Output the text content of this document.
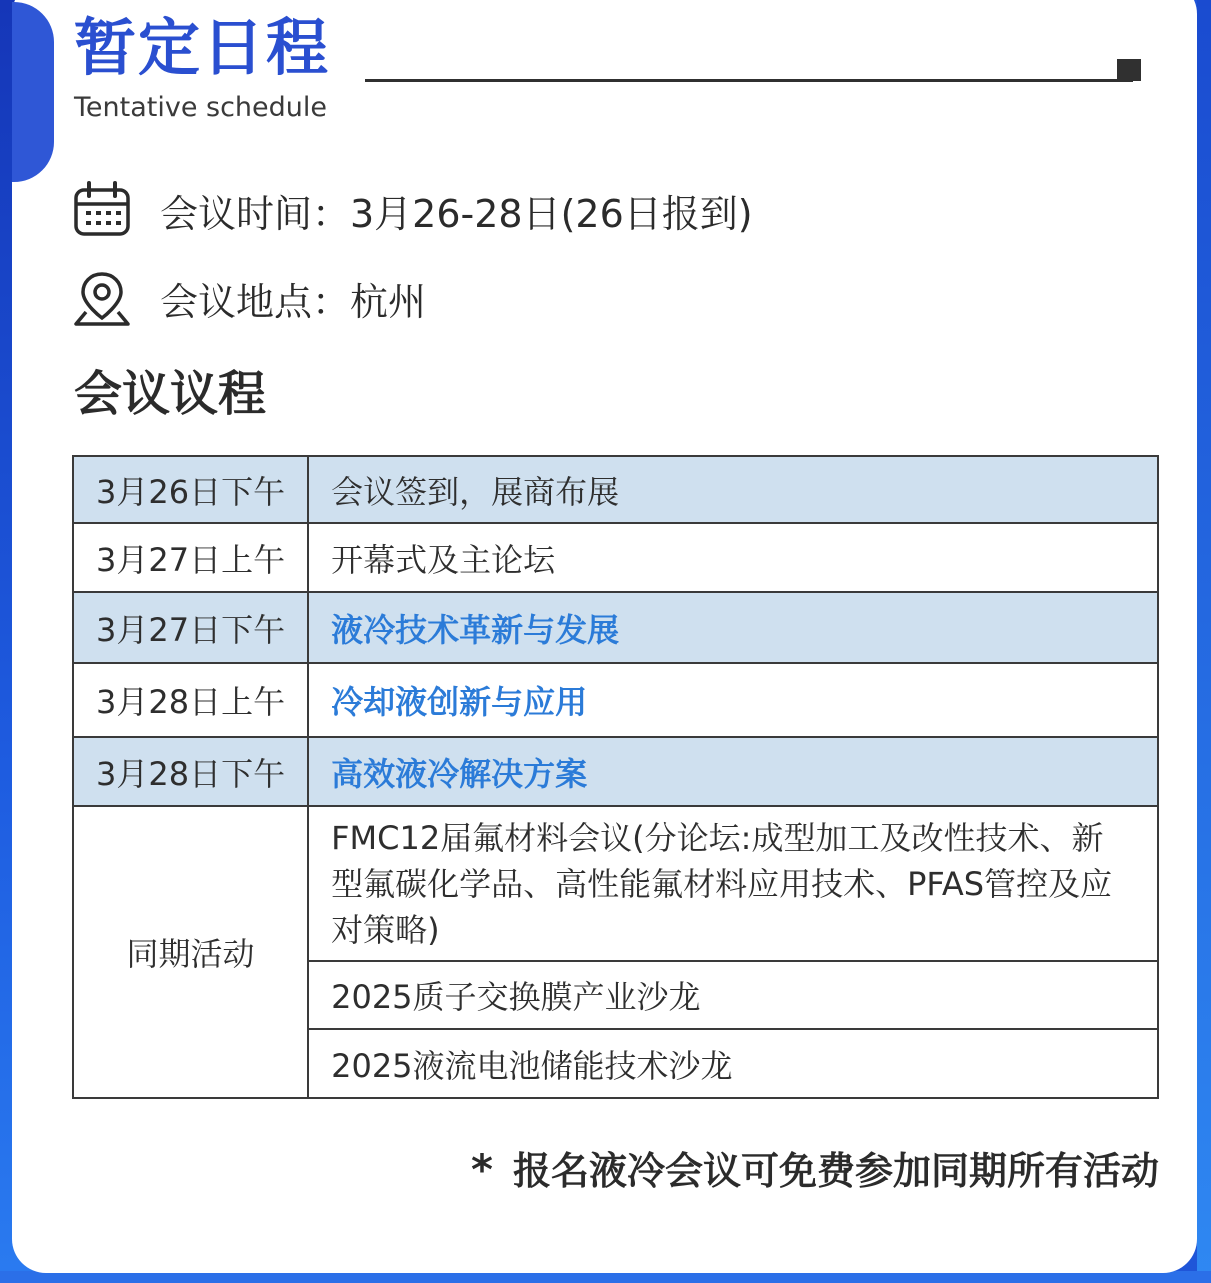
暂定日程
Tentative schedule
会议时间：3月26-28日(26日报到)
会议地点：杭州
会议议程
3月26日下午	会议签到，展商布展
3月27日上午	开幕式及主论坛
3月27日下午	液冷技术革新与发展
3月28日上午	冷却液创新与应用
3月28日下午	高效液冷解决方案
同期活动	FMC12届氟材料会议(分论坛:成型加工及改性技术、新型氟碳化学品、高性能氟材料应用技术、PFAS管控及应对策略)
	2025质子交换膜产业沙龙
	2025液流电池储能技术沙龙
* 报名液冷会议可免费参加同期所有活动
